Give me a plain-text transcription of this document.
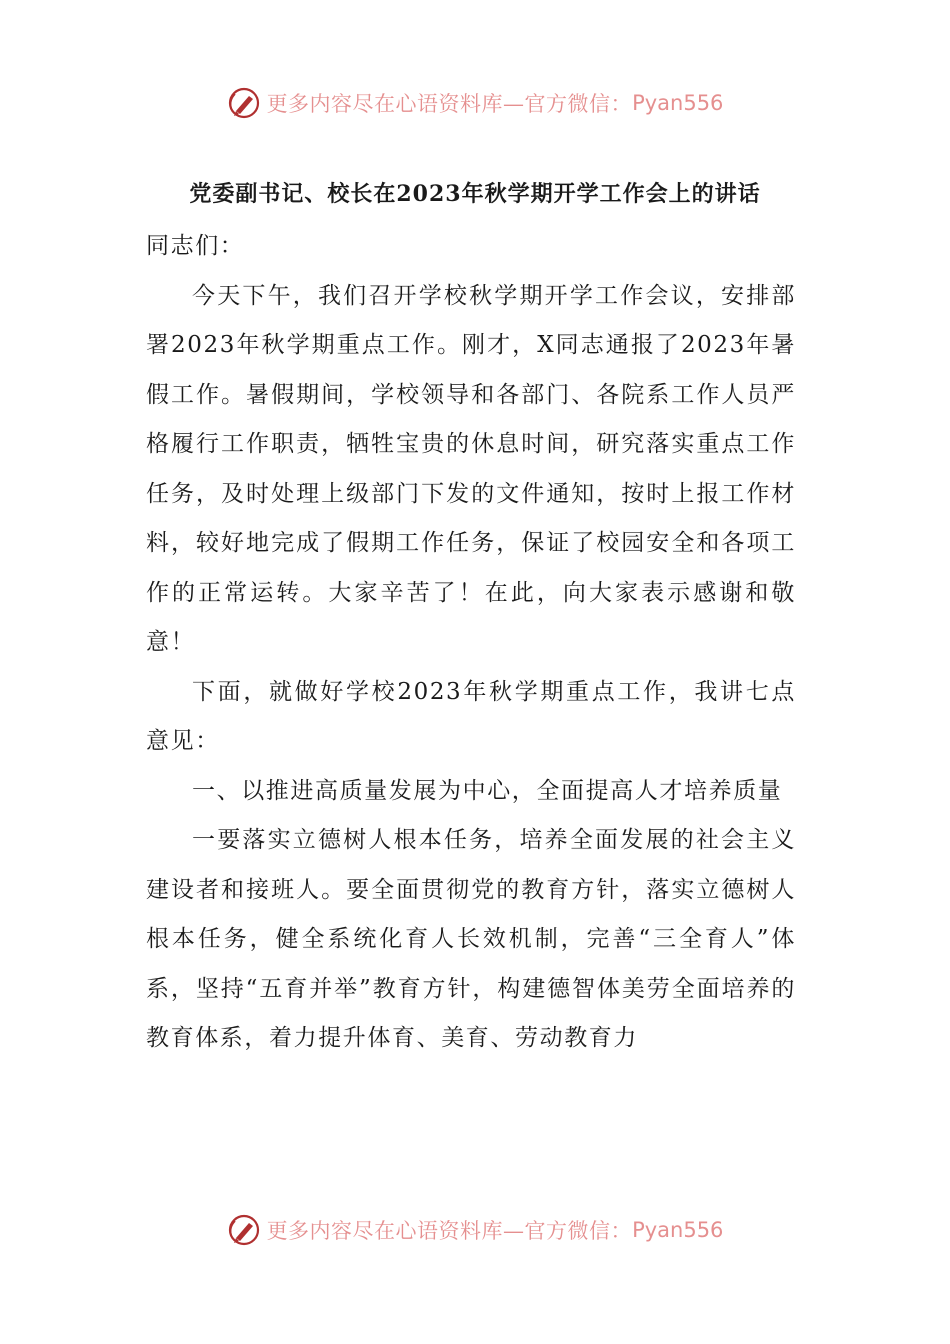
更多内容尽在心语资料库—官方微信： Pyan556
党委副书记、校长在2023年秋学期开学工作会上的讲话

同志们：

今天下午，我们召开学校秋学期开学工作会议，安排部署2023年秋学期重点工作。刚才，X同志通报了2023年暑假工作。暑假期间，学校领导和各部门、各院系工作人员严格履行工作职责，牺牲宝贵的休息时间，研究落实重点工作任务，及时处理上级部门下发的文件通知，按时上报工作材料，较好地完成了假期工作任务，保证了校园安全和各项工作的正常运转。大家辛苦了！在此，向大家表示感谢和敬意！

下面，就做好学校2023年秋学期重点工作，我讲七点意见：

一、以推进高质量发展为中心，全面提高人才培养质量

一要落实立德树人根本任务，培养全面发展的社会主义建设者和接班人。要全面贯彻党的教育方针，落实立德树人根本任务，健全系统化育人长效机制，完善“三全育人”体系，坚持“五育并举”教育方针，构建德智体美劳全面培养的教育体系，着力提升体育、美育、劳动教育力

更多内容尽在心语资料库—官方微信： Pyan556
